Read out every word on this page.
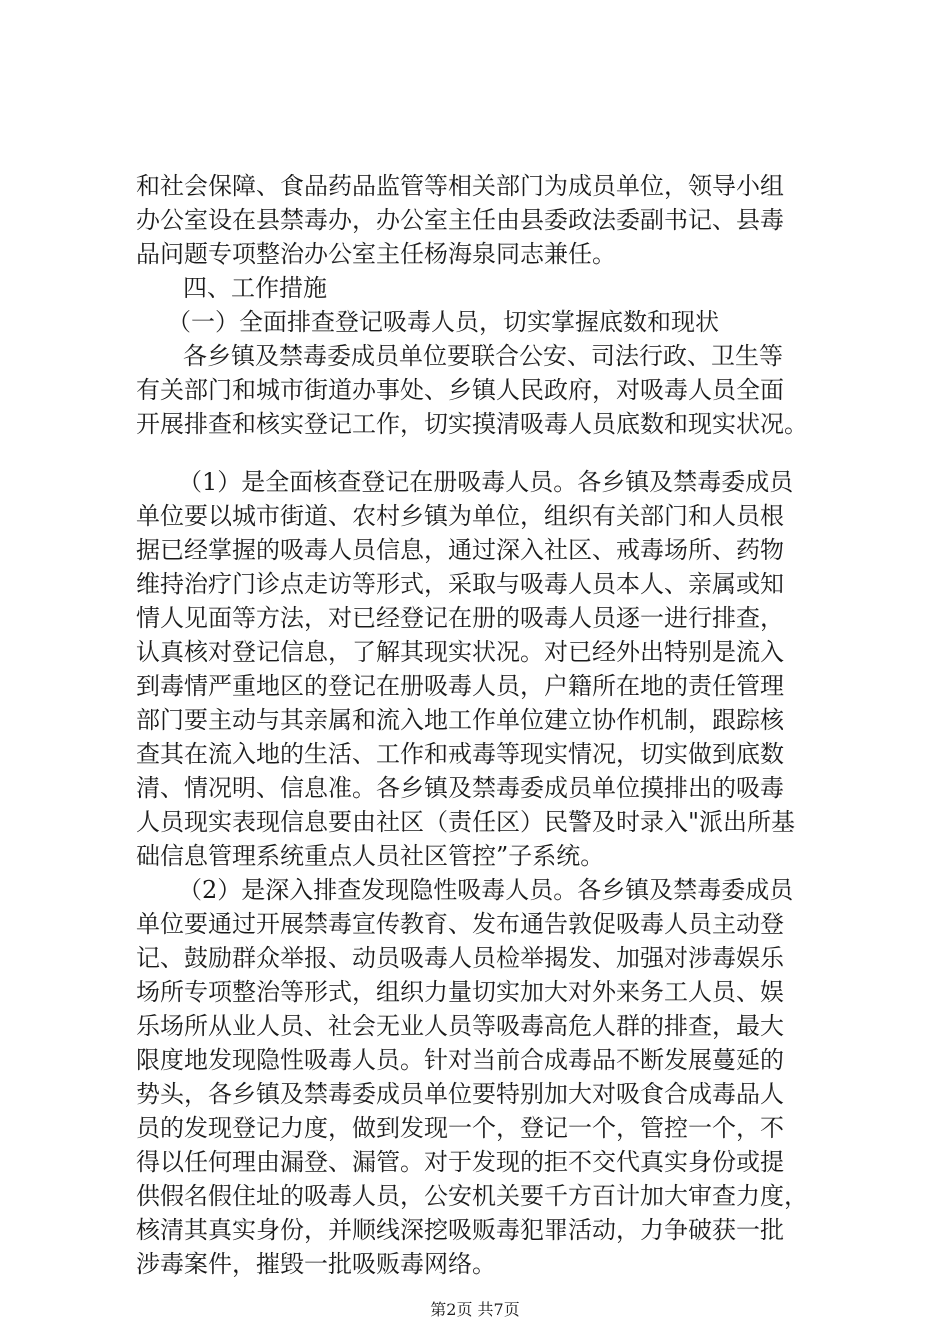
和社会保障、食品药品监管等相关部门为成员单位，领导小组

办公室设在县禁毒办，办公室主任由县委政法委副书记、县毒

品问题专项整治办公室主任杨海泉同志兼任。

四、工作措施

（一）全面排查登记吸毒人员，切实掌握底数和现状

各乡镇及禁毒委成员单位要联合公安、司法行政、卫生等

有关部门和城市街道办事处、乡镇人民政府，对吸毒人员全面

开展排查和核实登记工作，切实摸清吸毒人员底数和现实状况。

（1）是全面核查登记在册吸毒人员。各乡镇及禁毒委成员

单位要以城市街道、农村乡镇为单位，组织有关部门和人员根

据已经掌握的吸毒人员信息，通过深入社区、戒毒场所、药物

维持治疗门诊点走访等形式，采取与吸毒人员本人、亲属或知

情人见面等方法，对已经登记在册的吸毒人员逐一进行排查，

认真核对登记信息，了解其现实状况。对已经外出特别是流入

到毒情严重地区的登记在册吸毒人员，户籍所在地的责任管理

部门要主动与其亲属和流入地工作单位建立协作机制，跟踪核

查其在流入地的生活、工作和戒毒等现实情况，切实做到底数

清、情况明、信息准。各乡镇及禁毒委成员单位摸排出的吸毒

人员现实表现信息要由社区（责任区）民警及时录入"派出所基

础信息管理系统重点人员社区管控”子系统。

（2）是深入排查发现隐性吸毒人员。各乡镇及禁毒委成员

单位要通过开展禁毒宣传教育、发布通告敦促吸毒人员主动登

记、鼓励群众举报、动员吸毒人员检举揭发、加强对涉毒娱乐

场所专项整治等形式，组织力量切实加大对外来务工人员、娱

乐场所从业人员、社会无业人员等吸毒高危人群的排查，最大

限度地发现隐性吸毒人员。针对当前合成毒品不断发展蔓延的

势头，各乡镇及禁毒委成员单位要特别加大对吸食合成毒品人

员的发现登记力度，做到发现一个，登记一个，管控一个，不

得以任何理由漏登、漏管。对于发现的拒不交代真实身份或提

供假名假住址的吸毒人员，公安机关要千方百计加大审查力度，

核清其真实身份，并顺线深挖吸贩毒犯罪活动，力争破获一批

涉毒案件，摧毁一批吸贩毒网络。

第2页 共7页
